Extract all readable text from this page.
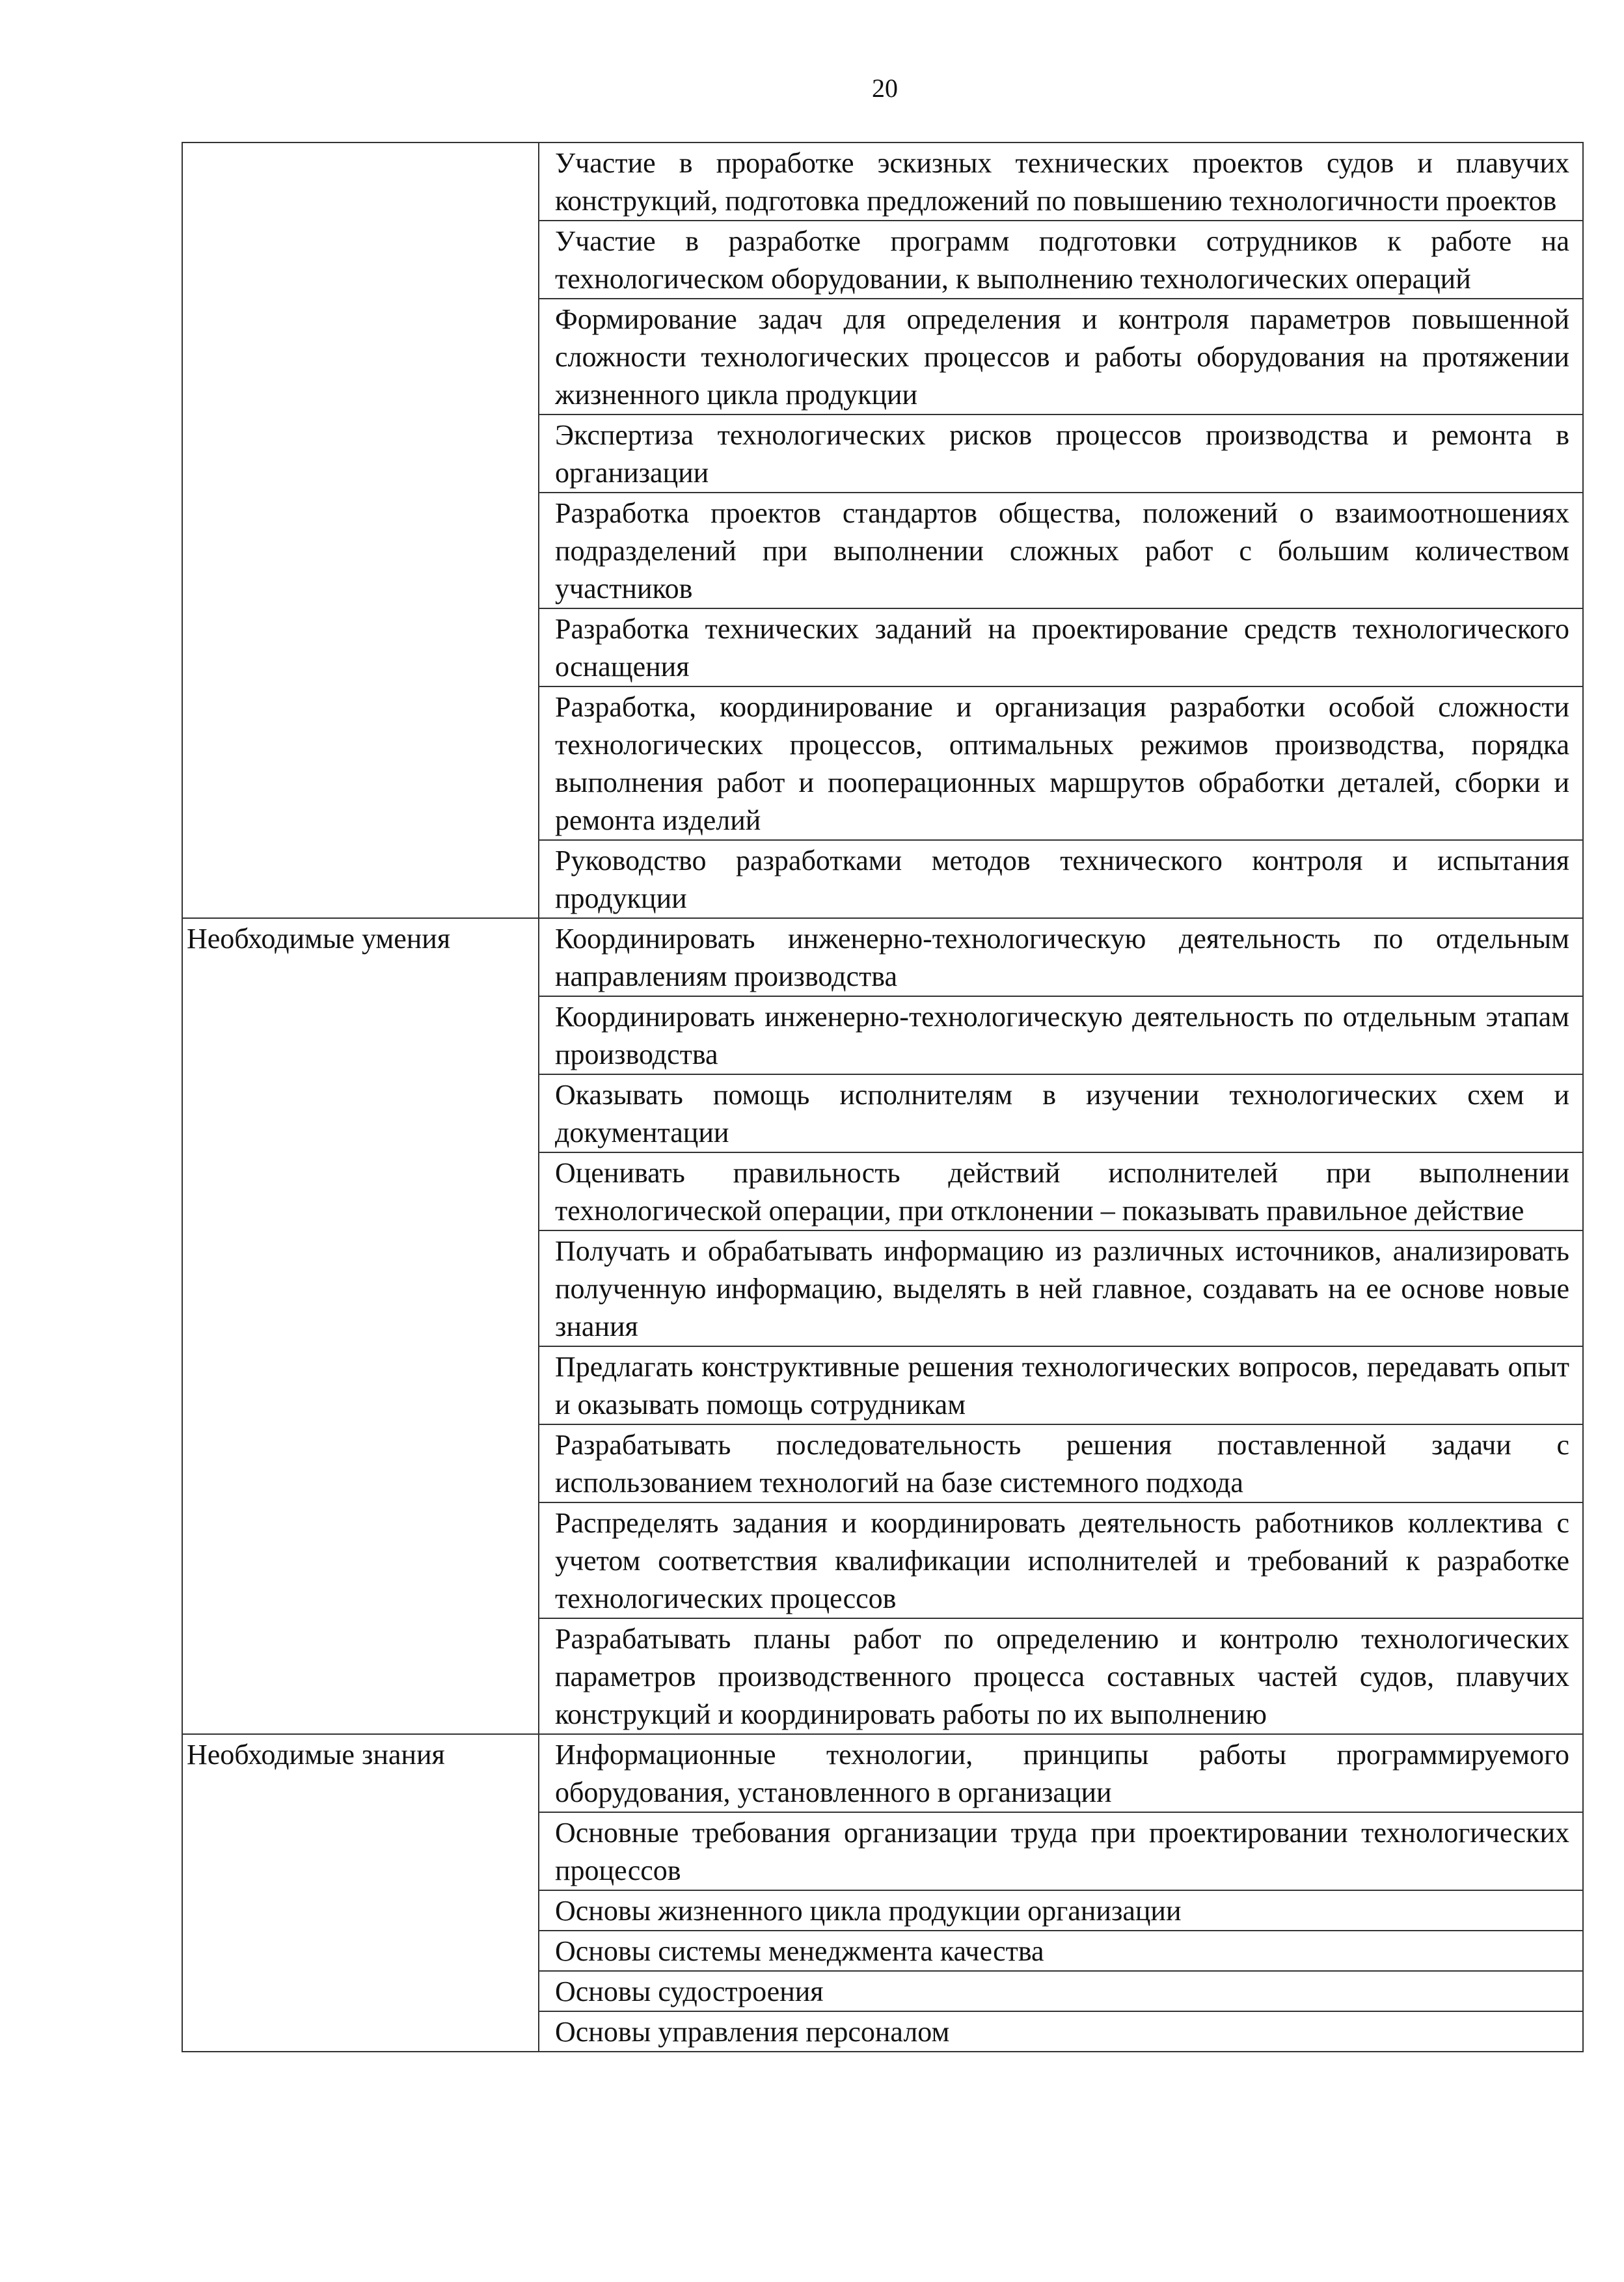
20
	Участие в проработке эскизных технических проектов судов и плавучих конструкций, подготовка предложений по повышению технологичности проектов
	Участие в разработке программ подготовки сотрудников к работе на технологическом оборудовании, к выполнению технологических операций
	Формирование задач для определения и контроля параметров повышенной сложности технологических процессов и работы оборудования на протяжении жизненного цикла продукции
	Экспертиза технологических рисков процессов производства и ремонта в организации
	Разработка проектов стандартов общества, положений о взаимоотношениях подразделений при выполнении сложных работ с большим количеством участников
	Разработка технических заданий на проектирование средств технологического оснащения
	Разработка, координирование и организация разработки особой сложности технологических процессов, оптимальных режимов производства, порядка выполнения работ и пооперационных маршрутов обработки деталей, сборки и ремонта изделий
	Руководство разработками методов технического контроля и испытания продукции
Необходимые умения	Координировать инженерно-технологическую деятельность по отдельным направлениям производства
	Координировать инженерно-технологическую деятельность по отдельным этапам производства
	Оказывать помощь исполнителям в изучении технологических схем и документации
	Оценивать правильность действий исполнителей при выполнении технологической операции, при отклонении – показывать правильное действие
	Получать и обрабатывать информацию из различных источников, анализировать полученную информацию, выделять в ней главное, создавать на ее основе новые знания
	Предлагать конструктивные решения технологических вопросов, передавать опыт и оказывать помощь сотрудникам
	Разрабатывать последовательность решения поставленной задачи с использованием технологий на базе системного подхода
	Распределять задания и координировать деятельность работников коллектива с учетом соответствия квалификации исполнителей и требований к разработке технологических процессов
	Разрабатывать планы работ по определению и контролю технологических параметров производственного процесса составных частей судов, плавучих конструкций и координировать работы по их выполнению
Необходимые знания	Информационные технологии, принципы работы программируемого оборудования, установленного в организации
	Основные требования организации труда при проектировании технологических процессов
	Основы жизненного цикла продукции организации
	Основы системы менеджмента качества
	Основы судостроения
	Основы управления персоналом
